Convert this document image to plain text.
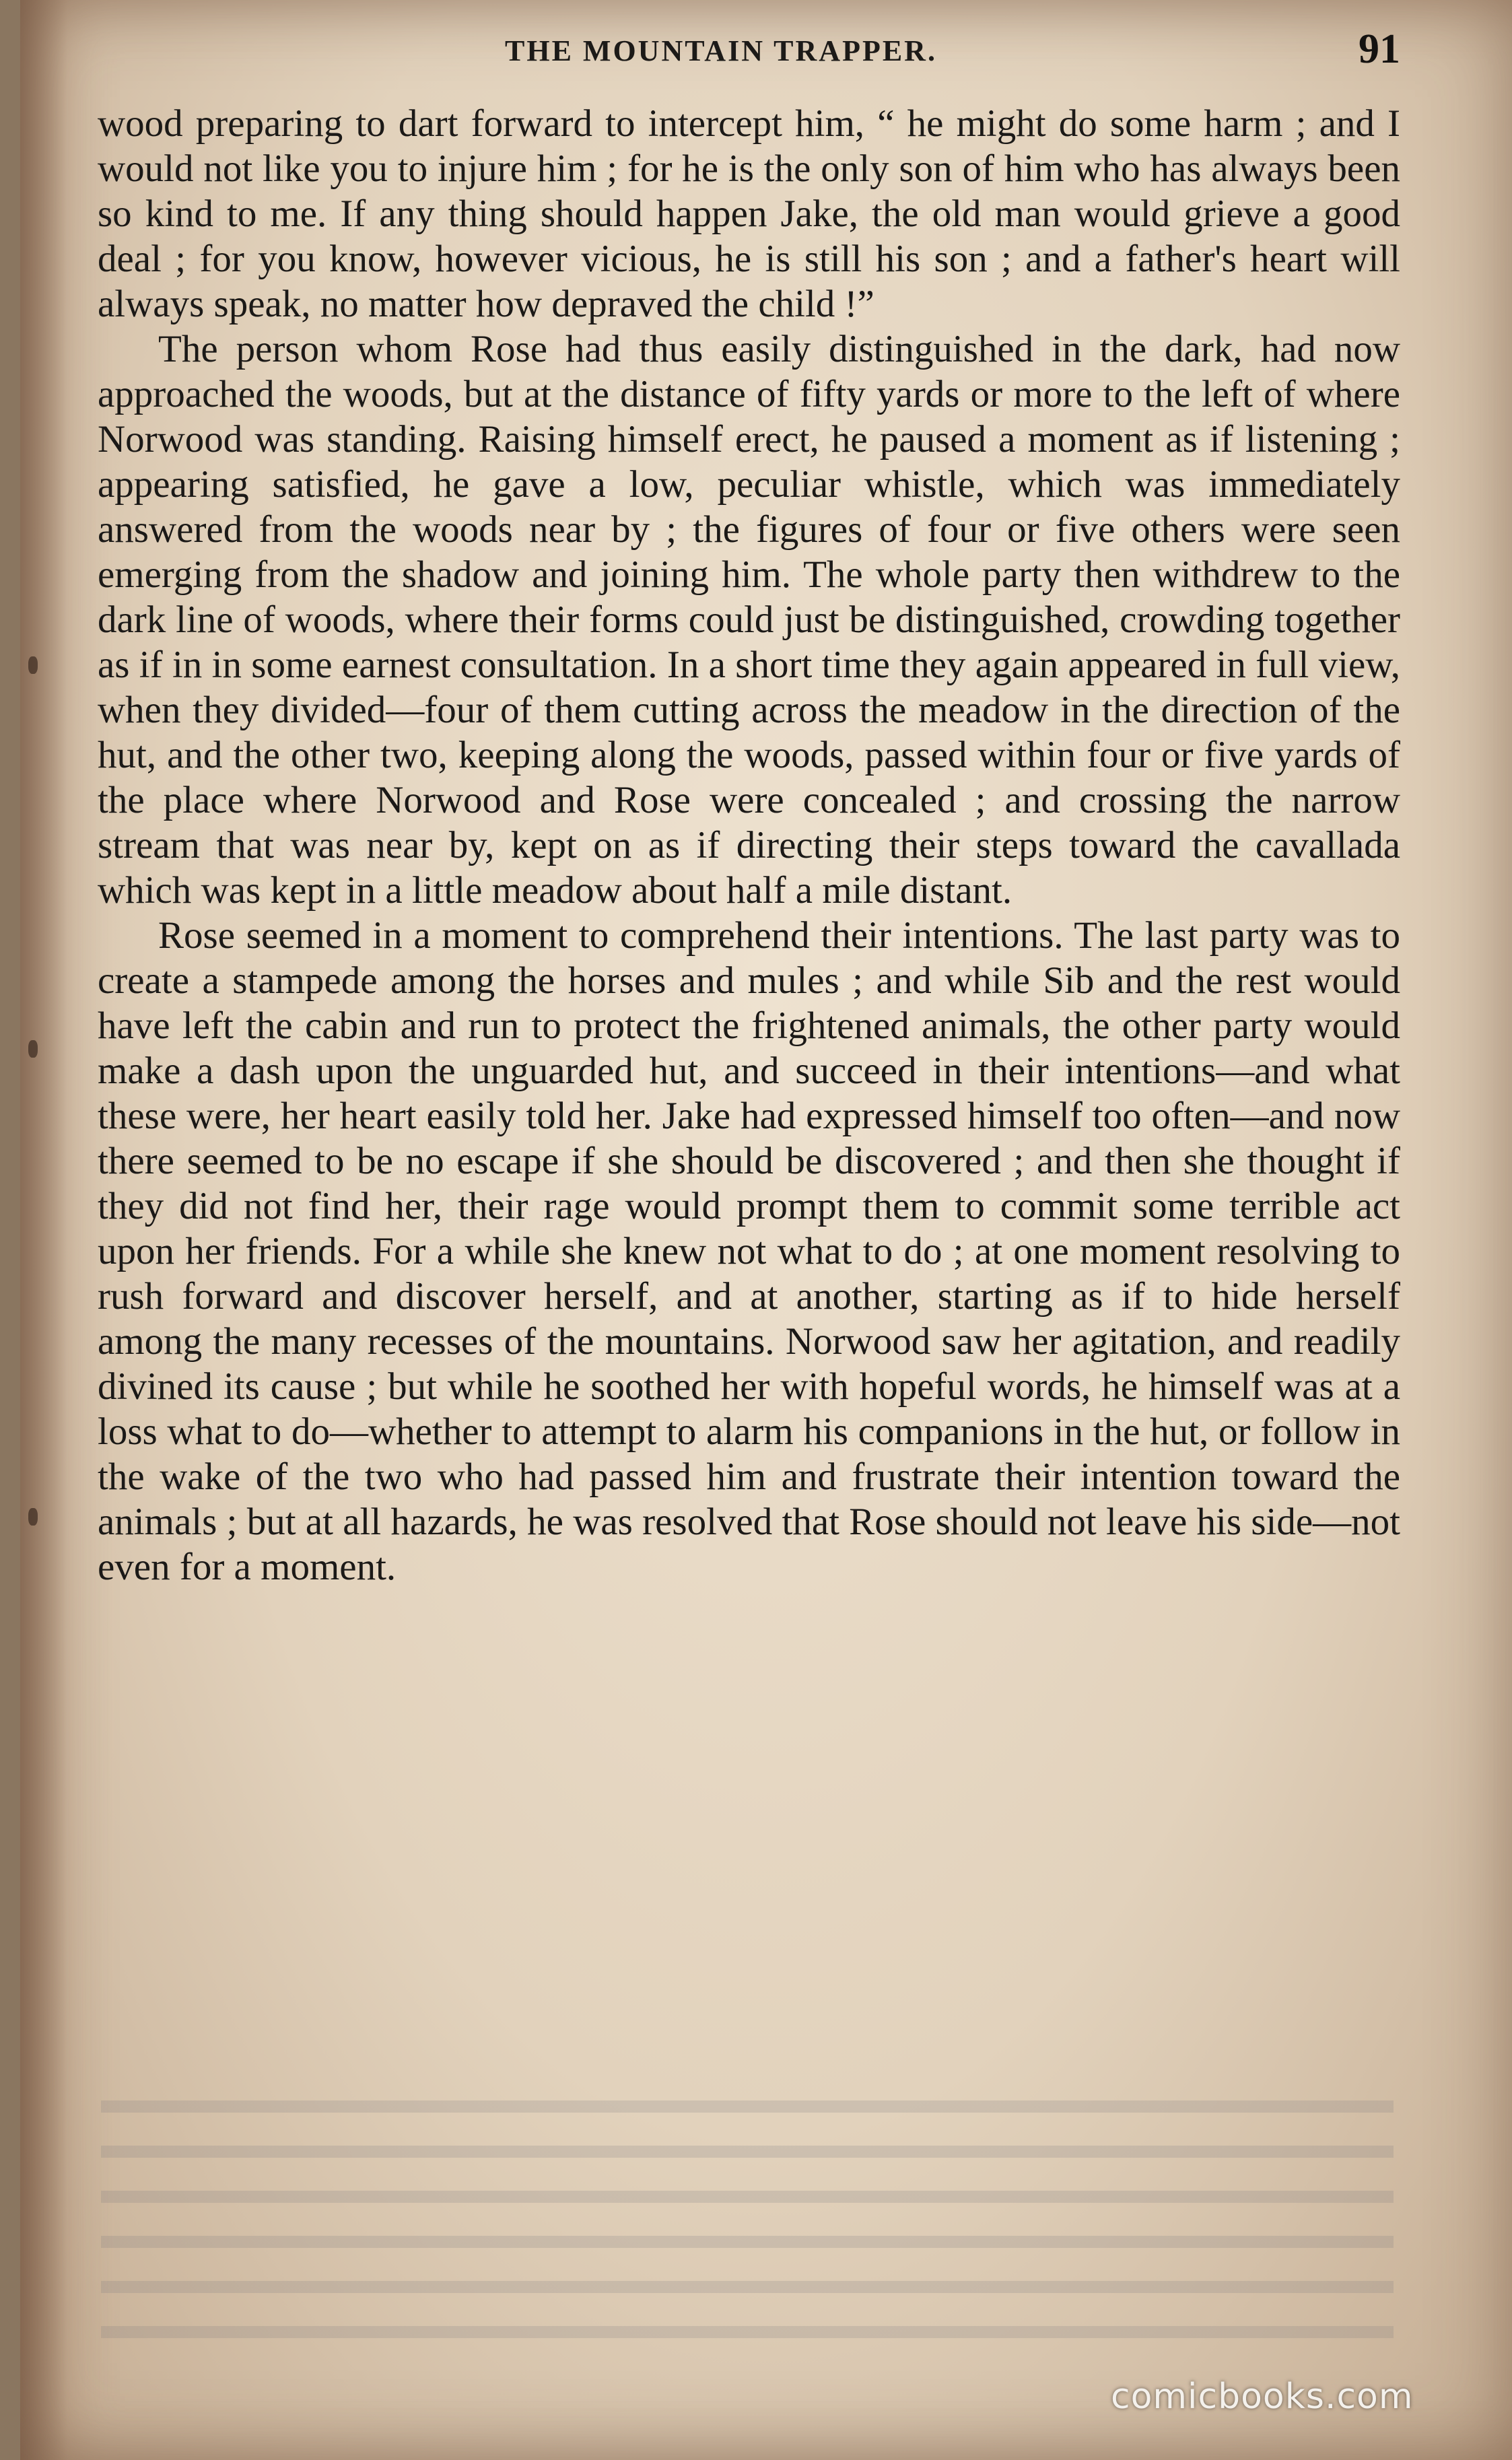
THE MOUNTAIN TRAPPER.	91

wood preparing to dart forward to intercept him, “ he might do some harm ; and I would not like you to injure him ; for he is the only son of him who has always been so kind to me. If any thing should happen Jake, the old man would grieve a good deal ; for you know, however vicious, he is still his son ; and a father's heart will always speak, no matter how depraved the child !”

The person whom Rose had thus easily distinguished in the dark, had now approached the woods, but at the distance of fifty yards or more to the left of where Norwood was standing. Raising himself erect, he paused a moment as if listening ; appearing satisfied, he gave a low, peculiar whistle, which was immediately answered from the woods near by ; the figures of four or five others were seen emerging from the shadow and joining him. The whole party then withdrew to the dark line of woods, where their forms could just be distinguished, crowding together as if in in some earnest consultation. In a short time they again appeared in full view, when they divided—four of them cutting across the meadow in the direction of the hut, and the other two, keeping along the woods, passed within four or five yards of the place where Norwood and Rose were concealed ; and crossing the narrow stream that was near by, kept on as if directing their steps toward the cavallada which was kept in a little meadow about half a mile distant.

Rose seemed in a moment to comprehend their intentions. The last party was to create a stampede among the horses and mules ; and while Sib and the rest would have left the cabin and run to protect the frightened animals, the other party would make a dash upon the unguarded hut, and succeed in their intentions—and what these were, her heart easily told her. Jake had expressed himself too often—and now there seemed to be no escape if she should be discovered ; and then she thought if they did not find her, their rage would prompt them to commit some terrible act upon her friends. For a while she knew not what to do ; at one moment resolving to rush forward and discover herself, and at another, starting as if to hide herself among the many recesses of the mountains. Norwood saw her agitation, and readily divined its cause ; but while he soothed her with hopeful words, he himself was at a loss what to do—whether to attempt to alarm his companions in the hut, or follow in the wake of the two who had passed him and frustrate their intention toward the animals ; but at all hazards, he was resolved that Rose should not leave his side—not even for a moment.

comicbooks.com
